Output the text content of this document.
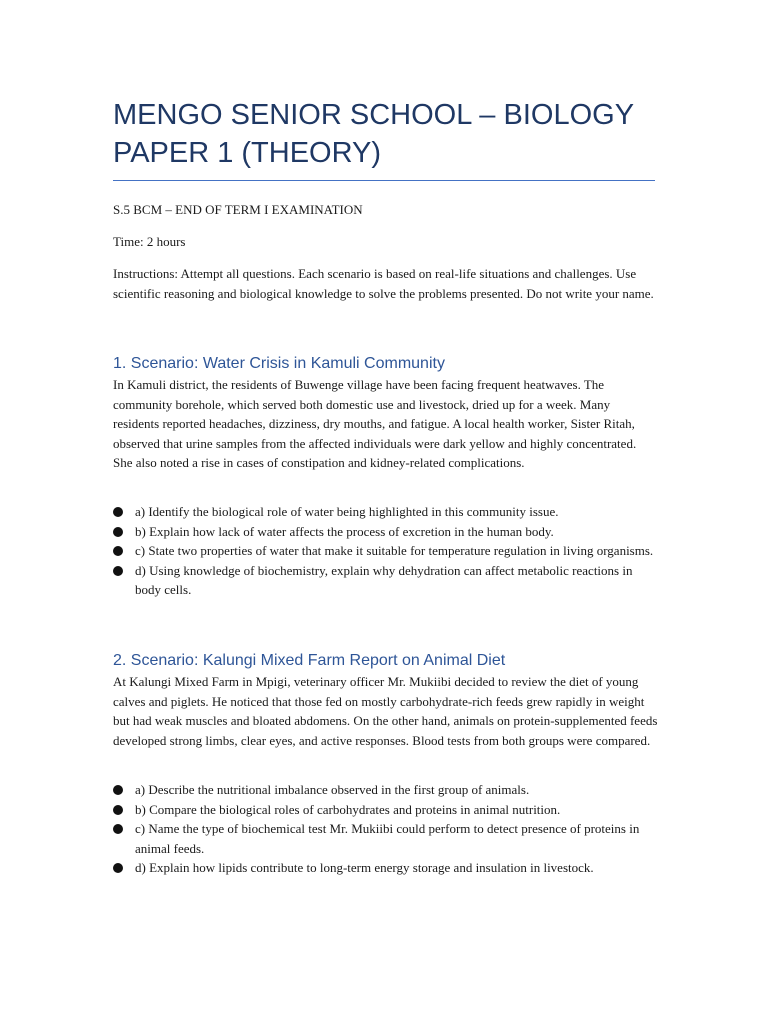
MENGO SENIOR SCHOOL – BIOLOGY PAPER 1 (THEORY)

S.5 BCM – END OF TERM I EXAMINATION

Time: 2 hours

Instructions: Attempt all questions. Each scenario is based on real-life situations and challenges. Use scientific reasoning and biological knowledge to solve the problems presented. Do not write your name.

1. Scenario: Water Crisis in Kamuli Community

In Kamuli district, the residents of Buwenge village have been facing frequent heatwaves. The community borehole, which served both domestic use and livestock, dried up for a week. Many residents reported headaches, dizziness, dry mouths, and fatigue. A local health worker, Sister Ritah, observed that urine samples from the affected individuals were dark yellow and highly concentrated. She also noted a rise in cases of constipation and kidney-related complications.

a) Identify the biological role of water being highlighted in this community issue.
b) Explain how lack of water affects the process of excretion in the human body.
c) State two properties of water that make it suitable for temperature regulation in living organisms.
d) Using knowledge of biochemistry, explain why dehydration can affect metabolic reactions in body cells.
2. Scenario: Kalungi Mixed Farm Report on Animal Diet

At Kalungi Mixed Farm in Mpigi, veterinary officer Mr. Mukiibi decided to review the diet of young calves and piglets. He noticed that those fed on mostly carbohydrate-rich feeds grew rapidly in weight but had weak muscles and bloated abdomens. On the other hand, animals on protein-supplemented feeds developed strong limbs, clear eyes, and active responses. Blood tests from both groups were compared.

a) Describe the nutritional imbalance observed in the first group of animals.
b) Compare the biological roles of carbohydrates and proteins in animal nutrition.
c) Name the type of biochemical test Mr. Mukiibi could perform to detect presence of proteins in animal feeds.
d) Explain how lipids contribute to long-term energy storage and insulation in livestock.
